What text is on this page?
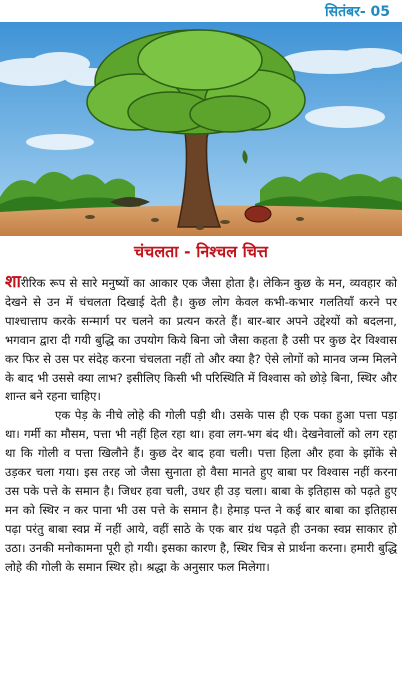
सितंबर- 05
चंचलता - निश्चल चित्त

शारीरिक रूप से सारे मनुष्यों का आकार एक जैसा होता है। लेकिन कुछ के मन, व्यवहार को देखने से उन में चंचलता दिखाई देती है। कुछ लोग केवल कभी-कभार गलतियाँ करने पर पाश्चात्ताप करके सन्मार्ग पर चलने का प्रत्यन करते हैं। बार-बार अपने उद्देश्यों को बदलना, भगवान द्वारा दी गयी बुद्धि का उपयोग किये बिना जो जैसा कहता है उसी पर कुछ देर विश्वास कर फिर से उस पर संदेह करना चंचलता नहीं तो और क्या है? ऐसे लोगों को मानव जन्म मिलने के बाद भी उससे क्या लाभ? इसीलिए किसी भी परिस्थिति में विश्वास को छोड़े बिना, स्थिर और शान्त बने रहना चाहिए।

एक पेड़ के नीचे लोहे की गोली पड़ी थी। उसके पास ही एक पका हुआ पत्ता पड़ा था। गर्मी का मौसम, पत्ता भी नहीं हिल रहा था। हवा लग-भग बंद थी। देखनेवालों को लग रहा था कि गोली व पत्ता खिलौने हैं। कुछ देर बाद हवा चली। पत्ता हिला और हवा के झोंके से उड़कर चला गया। इस तरह जो जैसा सुनाता हो वैसा मानते हुए बाबा पर विश्वास नहीं करना उस पके पत्ते के समान है। जिधर हवा चली, उधर ही उड़ चला। बाबा के इतिहास को पढ़ते हुए मन को स्थिर न कर पाना भी उस पत्ते के समान है। हेमाड़ पन्त ने कई बार बाबा का इतिहास पढ़ा परंतु बाबा स्वप्न में नहीं आये, वहीं साठे के एक बार ग्रंथ पढ़ते ही उनका स्वप्न साकार हो उठा। उनकी मनोकामना पूरी हो गयी। इसका कारण है, स्थिर चित्र से प्रार्थना करना। हमारी बुद्धि लोहे की गोली के समान स्थिर हो। श्रद्धा के अनुसार फल मिलेगा।
